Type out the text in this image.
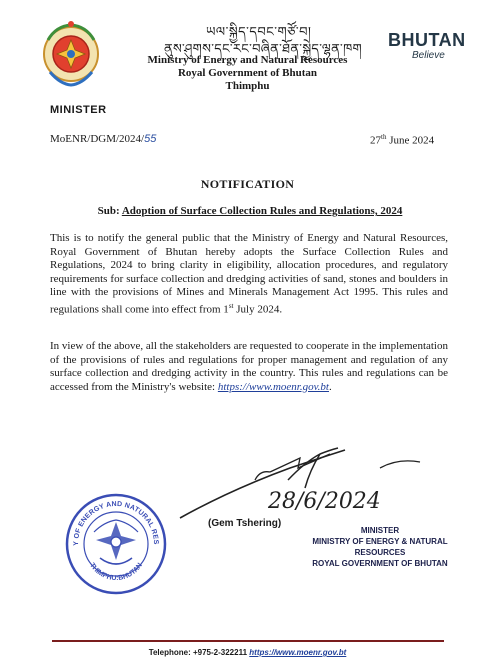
ཡལ་སྐྱིད་དབང་གཙོ་བ།
ནུས་ཤུགས་དང་རང་བཞིན་ཐོན་སྐྱེད་ལྷན་ཁག
Ministry of Energy and Natural Resources
Royal Government of Bhutan
Thimphu
BHUTAN
Believe
MINISTER
MoENR/DGM/2024/55	27th June 2024
NOTIFICATION
Sub: Adoption of Surface Collection Rules and Regulations, 2024
This is to notify the general public that the Ministry of Energy and Natural Resources, Royal Government of Bhutan hereby adopts the Surface Collection Rules and Regulations, 2024 to bring clarity in eligibility, allocation procedures, and regulatory requirements for surface collection and dredging activities of sand, stones and boulders in line with the provisions of Mines and Minerals Management Act 1995. This rules and regulations shall come into effect from 1st July 2024.
In view of the above, all the stakeholders are requested to cooperate in the implementation of the provisions of rules and regulations for proper management and regulation of any surface collection and dredging activity in the country. This rules and regulations can be accessed from the Ministry's website: https://www.moenr.gov.bt.
28/6/2024
(Gem Tshering)
MINISTER
MINISTRY OF ENERGY & NATURAL RESOURCES
ROYAL GOVERNMENT OF BHUTAN
Y OF ENERGY AND NATURAL RES
THIMPHU:BHUTAN
Telephone: +975-2-322211 https://www.moenr.gov.bt
